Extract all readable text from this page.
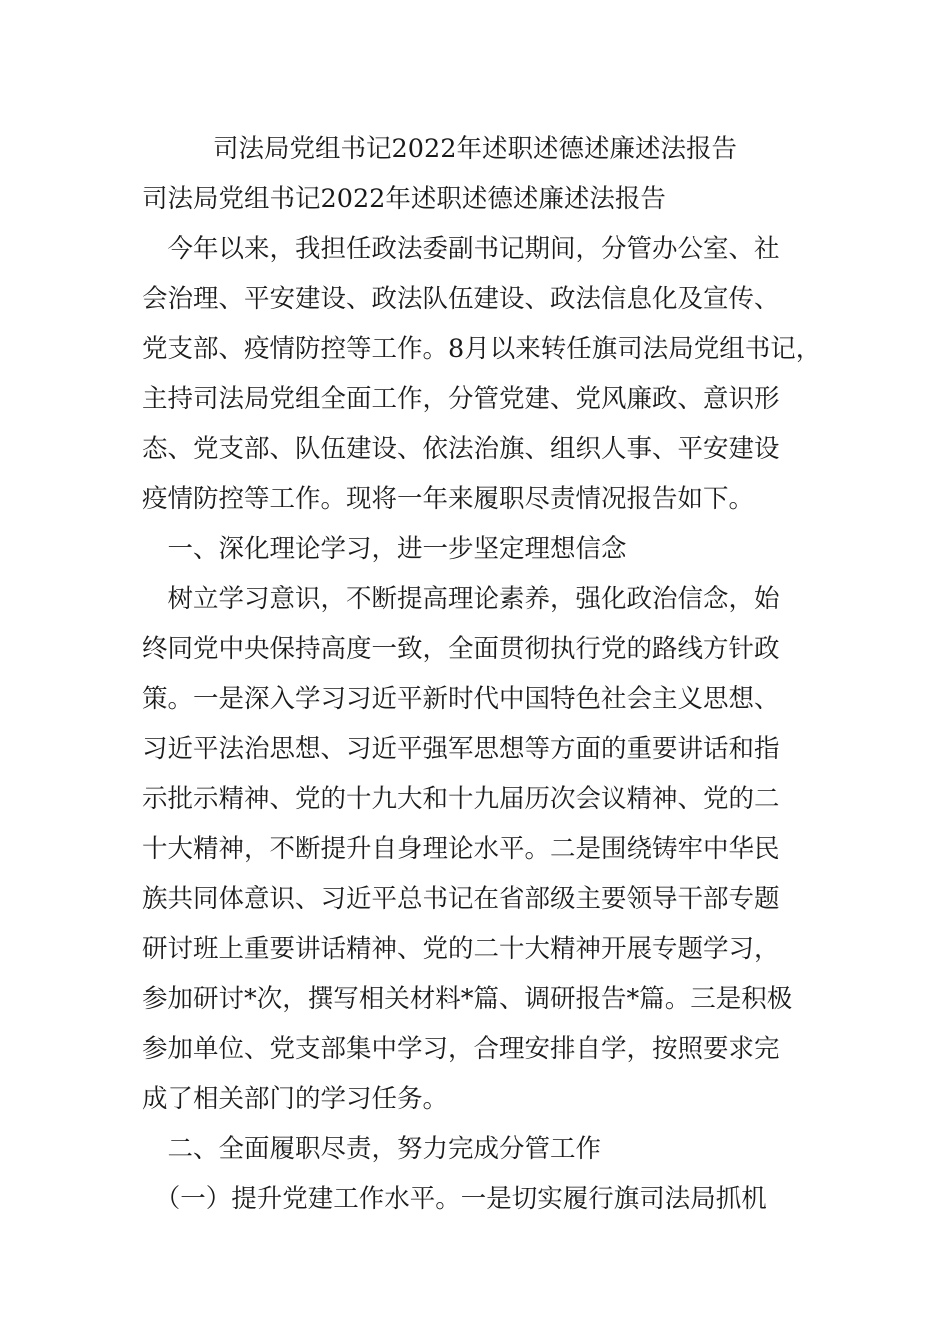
司法局党组书记2022年述职述德述廉述法报告
司法局党组书记2022年述职述德述廉述法报告
　今年以来，我担任政法委副书记期间，分管办公室、社
会治理、平安建设、政法队伍建设、政法信息化及宣传、
党支部、疫情防控等工作。8月以来转任旗司法局党组书记，
主持司法局党组全面工作，分管党建、党风廉政、意识形
态、党支部、队伍建设、依法治旗、组织人事、平安建设
疫情防控等工作。现将一年来履职尽责情况报告如下。
　一、深化理论学习，进一步坚定理想信念
　树立学习意识，不断提高理论素养，强化政治信念，始
终同党中央保持高度一致，全面贯彻执行党的路线方针政
策。一是深入学习习近平新时代中国特色社会主义思想、
习近平法治思想、习近平强军思想等方面的重要讲话和指
示批示精神、党的十九大和十九届历次会议精神、党的二
十大精神，不断提升自身理论水平。二是围绕铸牢中华民
族共同体意识、习近平总书记在省部级主要领导干部专题
研讨班上重要讲话精神、党的二十大精神开展专题学习，
参加研讨*次，撰写相关材料*篇、调研报告*篇。三是积极
参加单位、党支部集中学习，合理安排自学，按照要求完
成了相关部门的学习任务。
　二、全面履职尽责，努力完成分管工作
　（一）提升党建工作水平。一是切实履行旗司法局抓机
